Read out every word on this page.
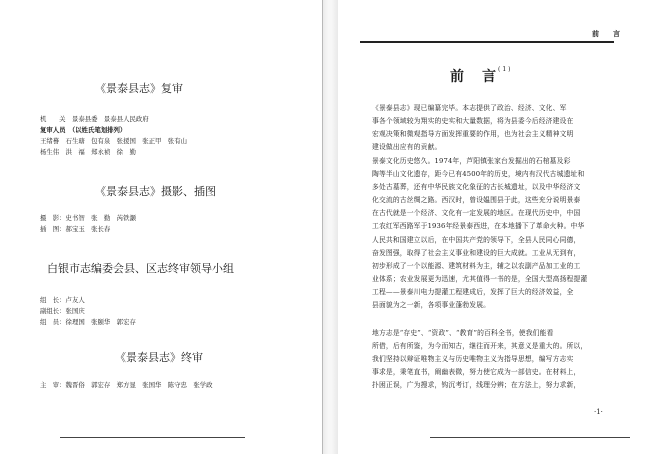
《景泰县志》复审
机　　关　景泰县委　景泰县人民政府
复审人员　（以姓氏笔划排列）
王绪謩　石生瑭　包有泉　张援国　张正甲　张有山
杨生伟　洪　福　郑永祯　徐　勤
《景泰县志》摄影、插图
摄　影：史书智　张　勤　芮铁灏
插　图：郝宝玉　张长春
白银市志编委会县、区志终审领导小组
组　长：卢友人
副组长：张国庆
组　员：徐理国　张颐华　郭宏存
《景泰县志》终审
主　审：魏晋俗　郭宏存　郑方显　张国华　陈守忠　张学政
前　　言
前　言$^{(1)}$
《景泰县志》现已编纂完毕。本志提供了政治、经济、文化、军
事各个领域较为翔实的史实和大量数据，将为县委今后经济建设在
宏观决策和微观指导方面发挥重要的作用，也为社会主义精神文明
建设做出应有的贡献。
景泰文化历史悠久。1974年，芦阳镇张家台发掘出的石棺墓及彩
陶等半山文化遗存，距今已有4500年的历史，境内有汉代古城遗址和
多处古墓葬，还有中华民族文化象征的古长城遗址，以及中华经济文
化交流的古丝绸之路。西汉时，曾设媪围县于此，这些充分说明景泰
在古代就是一个经济、文化有一定发展的地区。在现代历史中，中国
工农红军西路军于1936年经景泰西进，在本地播下了革命火种。中华
人民共和国建立以后，在中国共产党的领导下，全县人民同心同德，
奋发图强，取得了社会主义事业和建设的巨大成就。工业从无到有，
初步形成了一个以能源、建筑材料为主，辅之以农副产品加工业的工
业体系；农业发展更为迅速，尤其值得一书的是，全国大型高扬程提灌
工程——景泰川电力提灌工程建成后，发挥了巨大的经济效益，全
县面貌为之一新，各项事业蓬勃发展。
地方志是“存史”、“资政”、“教育”的百科全书，使我们能看
所借，后有所鉴，为今而知古，继往而开来，其意义是重大的。所以，
我们坚持以辩证唯物主义与历史唯物主义为指导思想，编写方志实
事求是，秉笔直书，阐幽表微，努力使它成为一部信史。在材料上，
扑困正误，广为搜求，钩沉考订，线理分辨；在方法上，努力求新，
·1·
